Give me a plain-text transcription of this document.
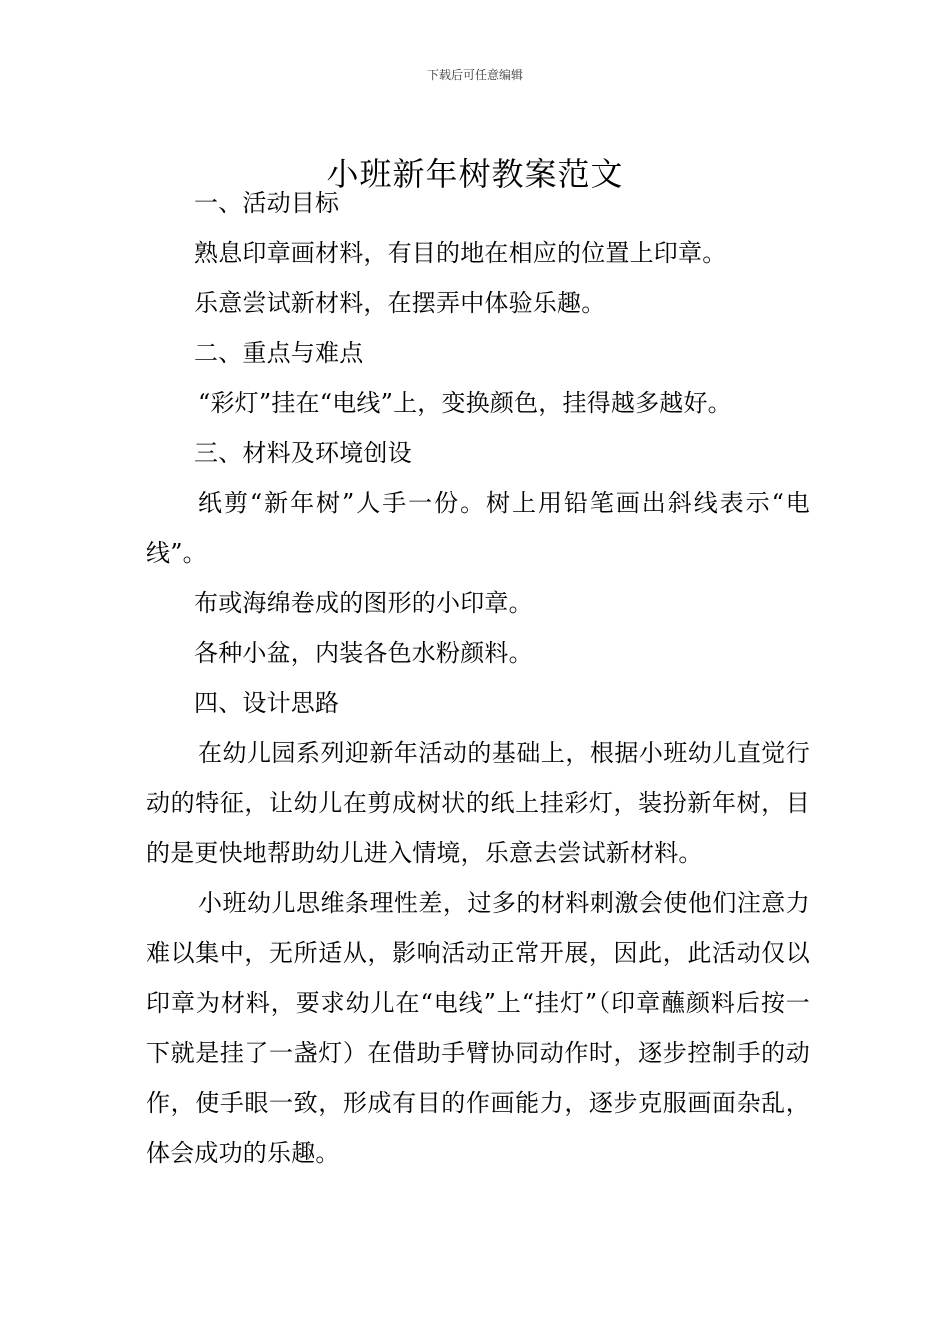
下载后可任意编辑
小班新年树教案范文

一、活动目标

熟息印章画材料，有目的地在相应的位置上印章。

乐意尝试新材料，在摆弄中体验乐趣。

二、重点与难点

“彩灯”挂在“电线”上，变换颜色，挂得越多越好。

三、材料及环境创设

纸剪“新年树”人手一份。树上用铅笔画出斜线表示“电线”。

布或海绵卷成的图形的小印章。

各种小盆，内装各色水粉颜料。

四、设计思路

在幼儿园系列迎新年活动的基础上，根据小班幼儿直觉行动的特征，让幼儿在剪成树状的纸上挂彩灯，装扮新年树，目的是更快地帮助幼儿进入情境，乐意去尝试新材料。

小班幼儿思维条理性差，过多的材料刺激会使他们注意力难以集中，无所适从，影响活动正常开展，因此，此活动仅以印章为材料，要求幼儿在“电线”上“挂灯”（印章蘸颜料后按一下就是挂了一盏灯）在借助手臂协同动作时，逐步控制手的动作，使手眼一致，形成有目的作画能力，逐步克服画面杂乱，体会成功的乐趣。
